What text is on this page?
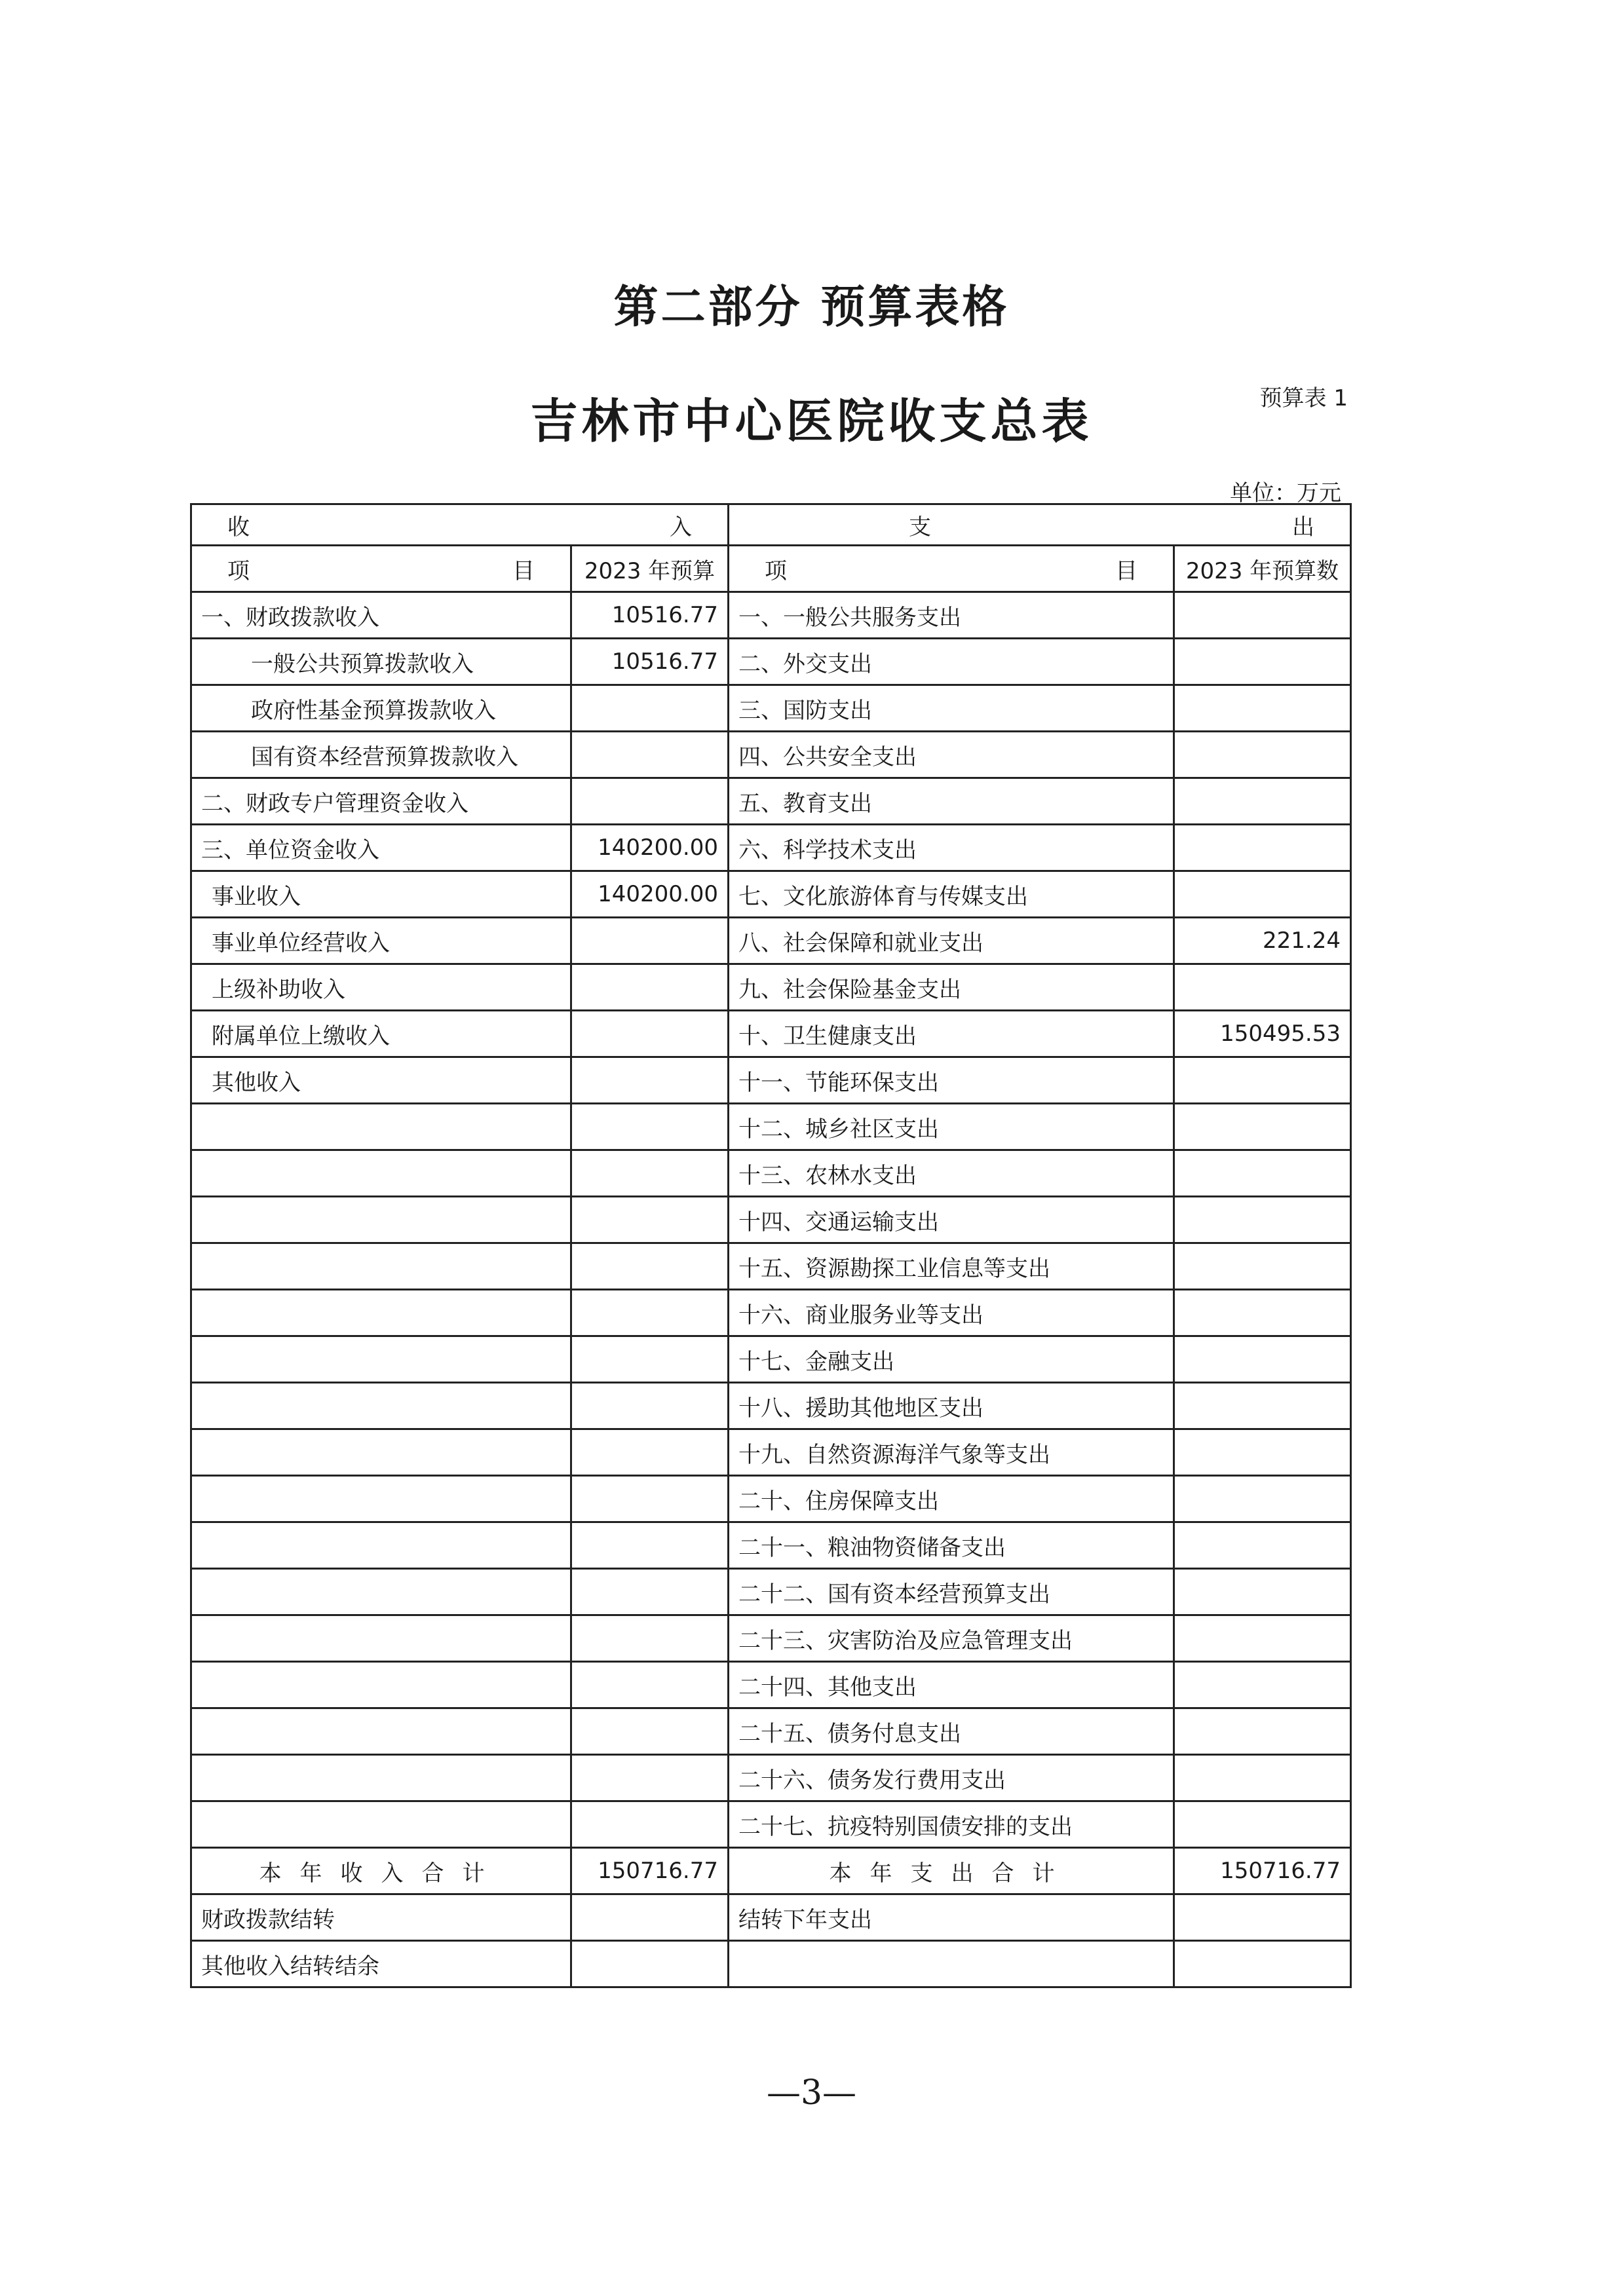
第二部分 预算表格
预算表 1
吉林市中心医院收支总表
单位：万元
收 入		支 出	

项 目	2023 年预算	项 目	2023 年预算数
一、财政拨款收入	10516.77	一、一般公共服务支出	
一般公共预算拨款收入	10516.77	二、外交支出	
政府性基金预算拨款收入		三、国防支出	
国有资本经营预算拨款收入		四、公共安全支出	
二、财政专户管理资金收入		五、教育支出	
三、单位资金收入	140200.00	六、科学技术支出	
事业收入	140200.00	七、文化旅游体育与传媒支出	
事业单位经营收入		八、社会保障和就业支出	221.24
上级补助收入		九、社会保险基金支出	
附属单位上缴收入		十、卫生健康支出	150495.53
其他收入		十一、节能环保支出	
		十二、城乡社区支出	
		十三、农林水支出	
		十四、交通运输支出	
		十五、资源勘探工业信息等支出	
		十六、商业服务业等支出	
		十七、金融支出	
		十八、援助其他地区支出	
		十九、自然资源海洋气象等支出	
		二十、住房保障支出	
		二十一、粮油物资储备支出	
		二十二、国有资本经营预算支出	
		二十三、灾害防治及应急管理支出	
		二十四、其他支出	
		二十五、债务付息支出	
		二十六、债务发行费用支出	
		二十七、抗疫特别国债安排的支出	
本年收入合计	150716.77	本年支出合计	150716.77
财政拨款结转		结转下年支出	
其他收入结转结余			
—3—
